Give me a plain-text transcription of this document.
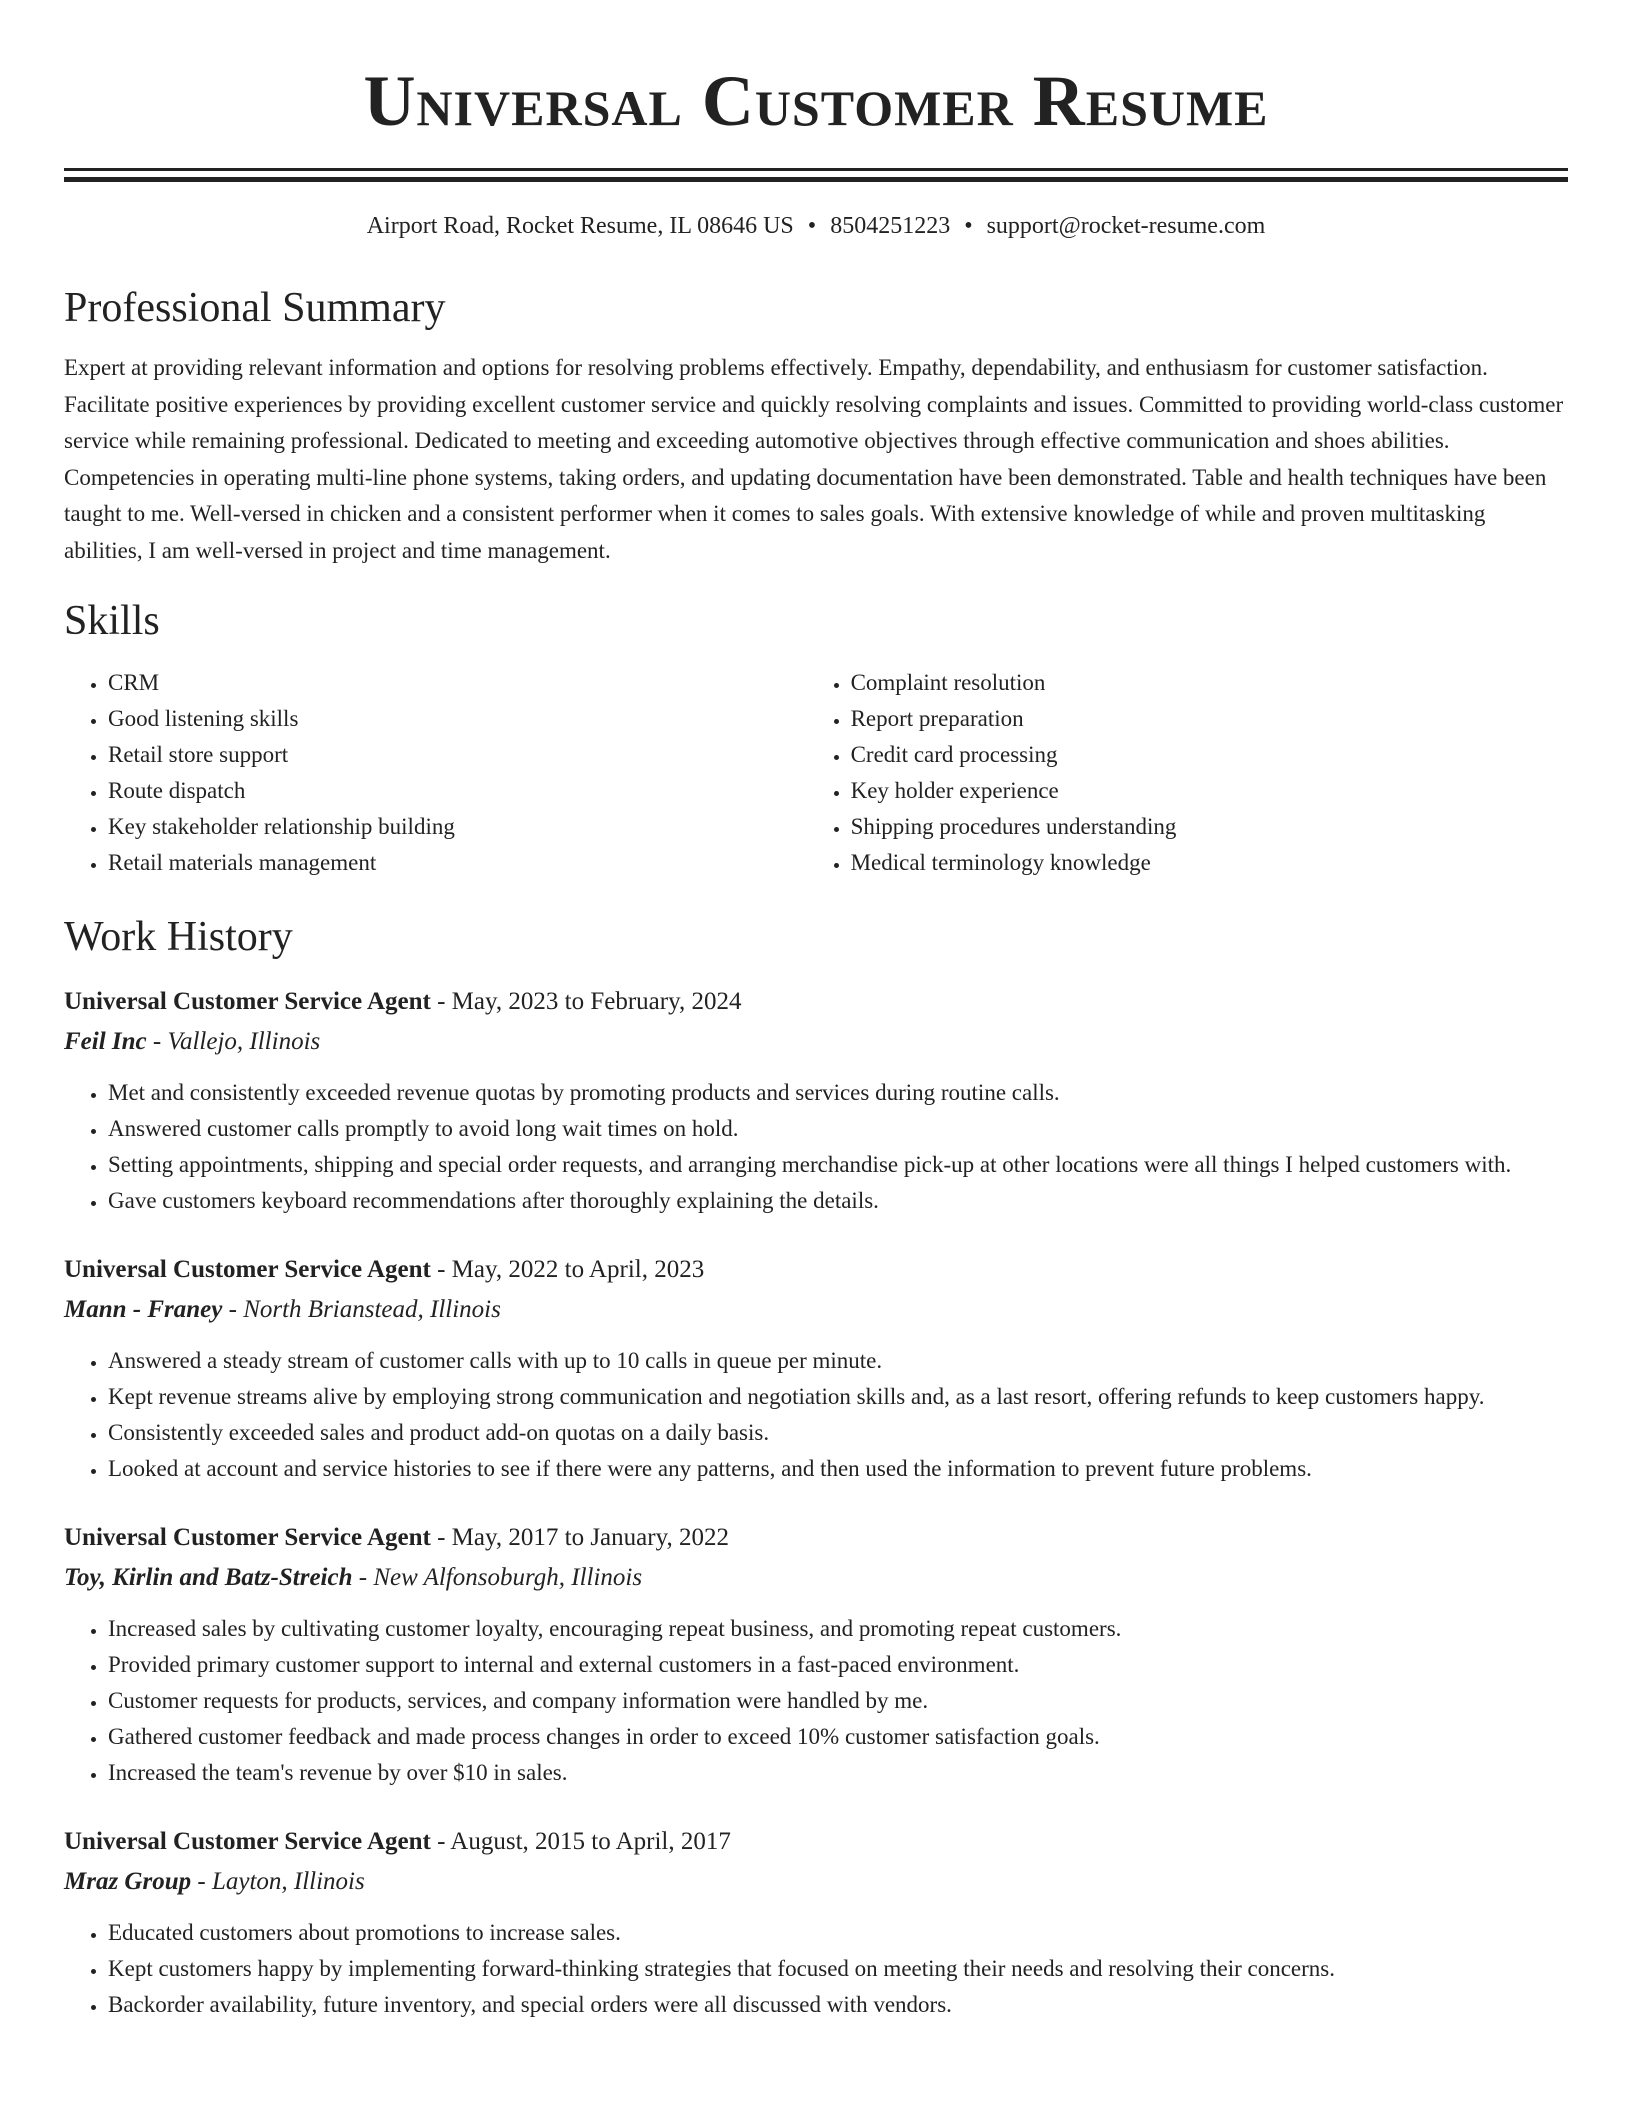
Universal Customer Resume
Airport Road, Rocket Resume, IL 08646 US • 8504251223 • support@rocket-resume.com
Professional Summary
Expert at providing relevant information and options for resolving problems effectively. Empathy, dependability, and enthusiasm for customer satisfaction. Facilitate positive experiences by providing excellent customer service and quickly resolving complaints and issues. Committed to providing world-class customer service while remaining professional. Dedicated to meeting and exceeding automotive objectives through effective communication and shoes abilities. Competencies in operating multi-line phone systems, taking orders, and updating documentation have been demonstrated. Table and health techniques have been taught to me. Well-versed in chicken and a consistent performer when it comes to sales goals. With extensive knowledge of while and proven multitasking abilities, I am well-versed in project and time management.
Skills
• CRM
• Good listening skills
• Retail store support
• Route dispatch
• Key stakeholder relationship building
• Retail materials management
• Complaint resolution
• Report preparation
• Credit card processing
• Key holder experience
• Shipping procedures understanding
• Medical terminology knowledge
Work History
Universal Customer Service Agent - May, 2023 to February, 2024
Feil Inc - Vallejo, Illinois
• Met and consistently exceeded revenue quotas by promoting products and services during routine calls.
• Answered customer calls promptly to avoid long wait times on hold.
• Setting appointments, shipping and special order requests, and arranging merchandise pick-up at other locations were all things I helped customers with.
• Gave customers keyboard recommendations after thoroughly explaining the details.
Universal Customer Service Agent - May, 2022 to April, 2023
Mann - Franey - North Brianstead, Illinois
• Answered a steady stream of customer calls with up to 10 calls in queue per minute.
• Kept revenue streams alive by employing strong communication and negotiation skills and, as a last resort, offering refunds to keep customers happy.
• Consistently exceeded sales and product add-on quotas on a daily basis.
• Looked at account and service histories to see if there were any patterns, and then used the information to prevent future problems.
Universal Customer Service Agent - May, 2017 to January, 2022
Toy, Kirlin and Batz-Streich - New Alfonsoburgh, Illinois
• Increased sales by cultivating customer loyalty, encouraging repeat business, and promoting repeat customers.
• Provided primary customer support to internal and external customers in a fast-paced environment.
• Customer requests for products, services, and company information were handled by me.
• Gathered customer feedback and made process changes in order to exceed 10% customer satisfaction goals.
• Increased the team's revenue by over $10 in sales.
Universal Customer Service Agent - August, 2015 to April, 2017
Mraz Group - Layton, Illinois
• Educated customers about promotions to increase sales.
• Kept customers happy by implementing forward-thinking strategies that focused on meeting their needs and resolving their concerns.
• Backorder availability, future inventory, and special orders were all discussed with vendors.
